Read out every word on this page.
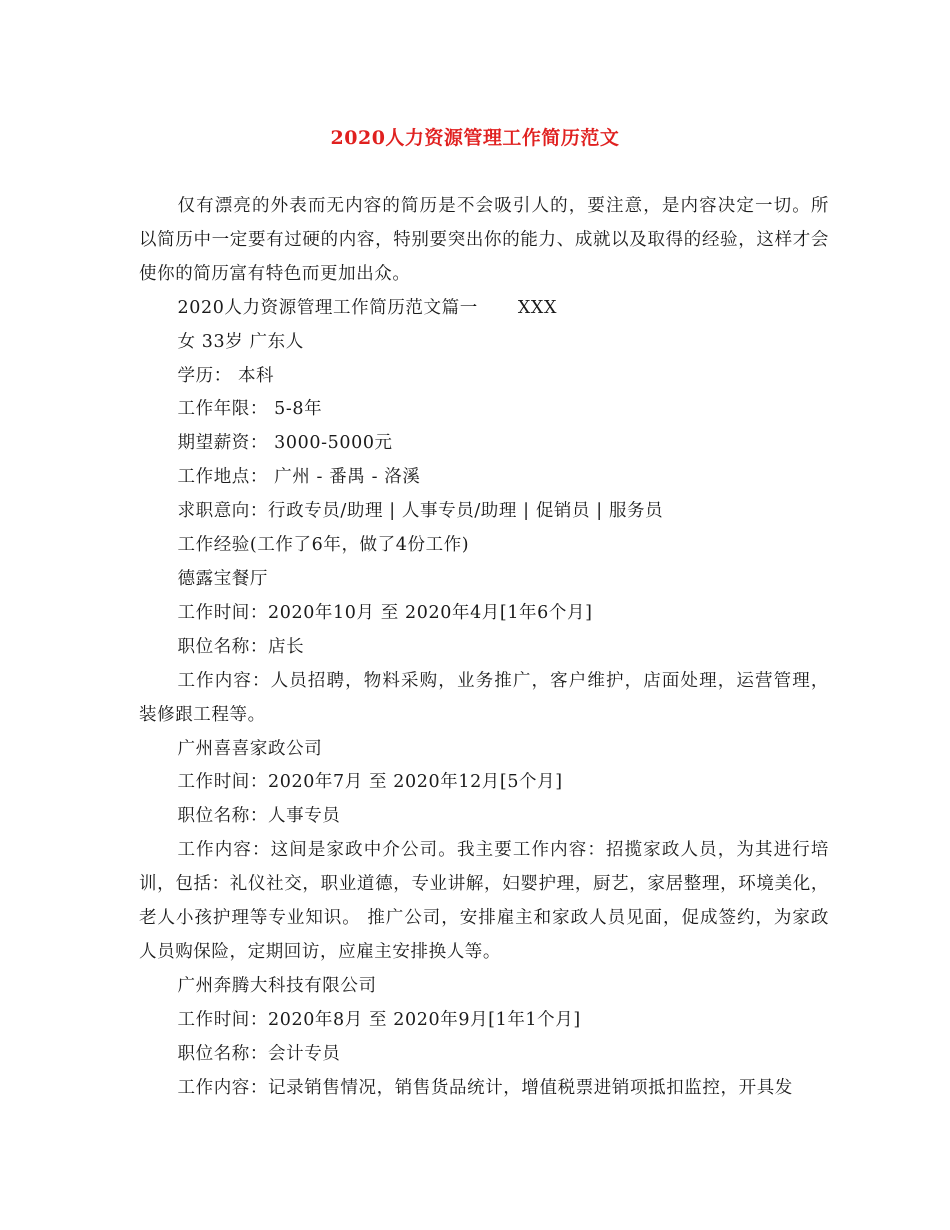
2020人力资源管理工作简历范文

仅有漂亮的外表而无内容的简历是不会吸引人的，要注意，是内容决定一切。所以简历中一定要有过硬的内容，特别要突出你的能力、成就以及取得的经验，这样才会使你的简历富有特色而更加出众。

2020人力资源管理工作简历范文篇一 XXX

女 33岁 广东人

学历： 本科

工作年限： 5-8年

期望薪资： 3000-5000元

工作地点： 广州 - 番禺 - 洛溪

求职意向：行政专员/助理 | 人事专员/助理 | 促销员 | 服务员

工作经验(工作了6年，做了4份工作)

德露宝餐厅

工作时间：2020年10月 至 2020年4月[1年6个月]

职位名称：店长

工作内容：人员招聘，物料采购，业务推广，客户维护，店面处理，运营管理，装修跟工程等。

广州喜喜家政公司

工作时间：2020年7月 至 2020年12月[5个月]

职位名称：人事专员

工作内容：这间是家政中介公司。我主要工作内容：招揽家政人员，为其进行培训，包括：礼仪社交，职业道德，专业讲解，妇婴护理，厨艺，家居整理，环境美化，老人小孩护理等专业知识。 推广公司，安排雇主和家政人员见面，促成签约，为家政人员购保险，定期回访，应雇主安排换人等。

广州奔腾大科技有限公司

工作时间：2020年8月 至 2020年9月[1年1个月]

职位名称：会计专员

工作内容：记录销售情况，销售货品统计，增值税票进销项抵扣监控，开具发
